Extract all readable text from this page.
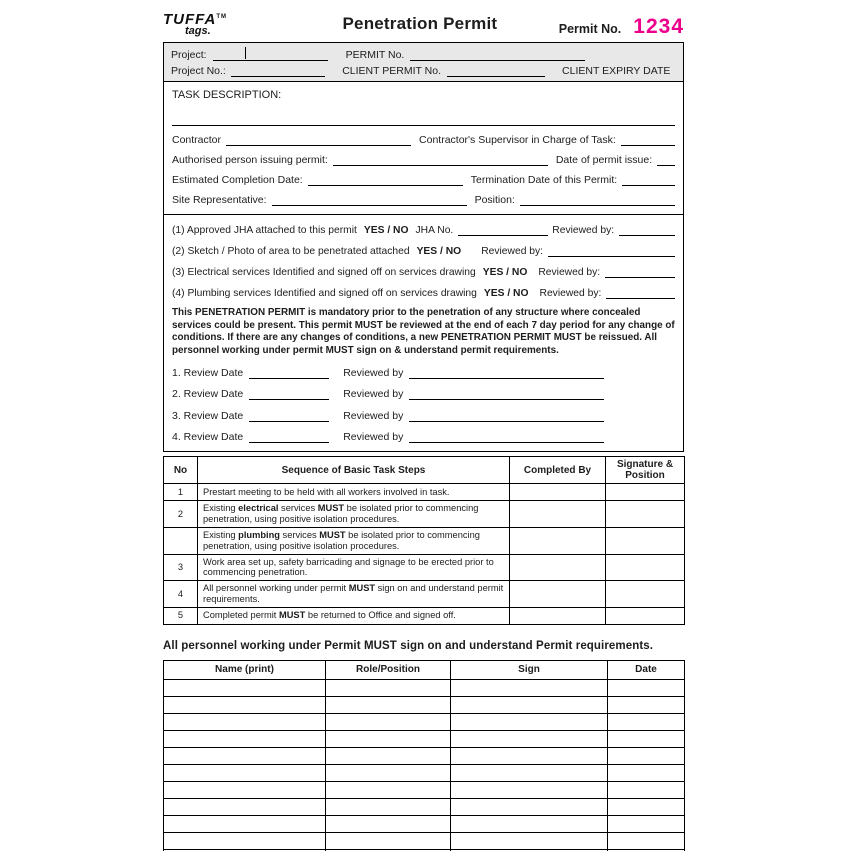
TUFFA™
tags.	Penetration Permit	Permit No. 1234
Project:	PERMIT No.
Project No.:	CLIENT PERMIT No.	CLIENT EXPIRY DATE
TASK DESCRIPTION:
Contractor	Contractor's Supervisor in Charge of Task:
Authorised person issuing permit:	Date of permit issue:
Estimated Completion Date:	Termination Date of this Permit:
Site Representative:	Position:
(1) Approved JHA attached to this permit YES / NO JHA No.	Reviewed by:
(2) Sketch / Photo of area to be penetrated attached YES / NO Reviewed by:
(3) Electrical services Identified and signed off on services drawing YES / NO Reviewed by:
(4) Plumbing services Identified and signed off on services drawing YES / NO Reviewed by:
This PENETRATION PERMIT is mandatory prior to the penetration of any structure where concealed services could be present. This permit MUST be reviewed at the end of each 7 day period for any change of conditions. If there are any changes of conditions, a new PENETRATION PERMIT MUST be reissued. All personnel working under permit MUST sign on & understand permit requirements.
1. Review Date	Reviewed by
2. Review Date	Reviewed by
3. Review Date	Reviewed by
4. Review Date	Reviewed by
No	Sequence of Basic Task Steps	Completed By	Signature & Position
1	Prestart meeting to be held with all workers involved in task.		
2	Existing electrical services MUST be isolated prior to commencing penetration, using positive isolation procedures.		
	Existing plumbing services MUST be isolated prior to commencing penetration, using positive isolation procedures.		
3	Work area set up, safety barricading and signage to be erected prior to commencing penetration.		
4	All personnel working under permit MUST sign on and understand permit requirements.		
5	Completed permit MUST be returned to Office and signed off.		
All personnel working under Permit MUST sign on and understand Permit requirements.
Name (print)	Role/Position	Sign	Date
